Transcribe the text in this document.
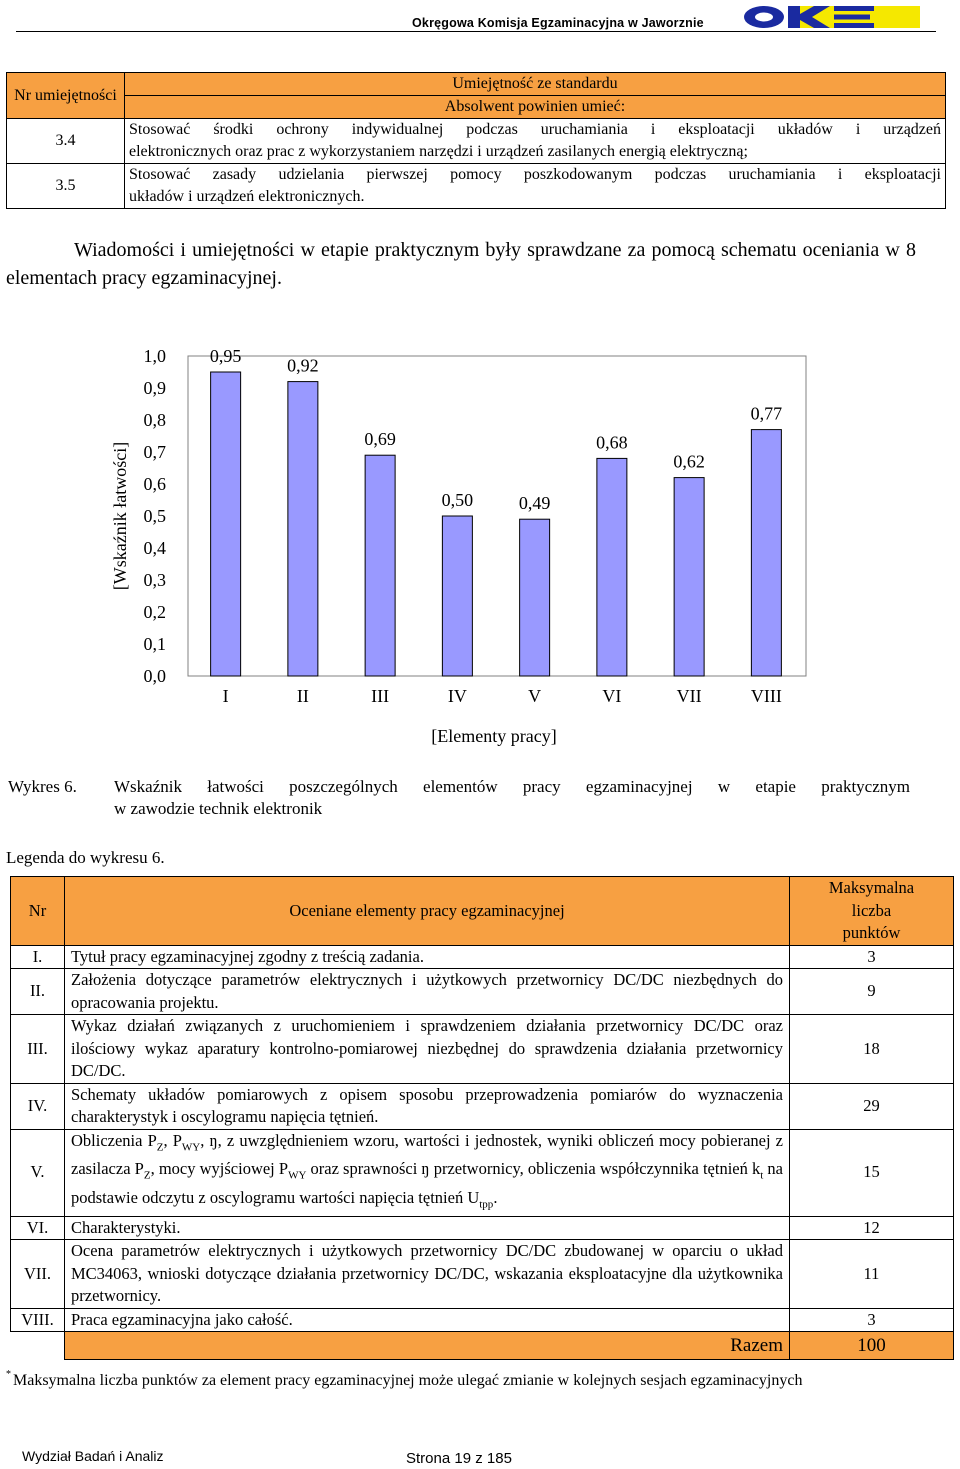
Okręgowa Komisja Egzaminacyjna w Jaworznie
Nr umiejętności	Umiejętność ze standardu
	Absolwent powinien umieć:
3.4	Stosować środki ochrony indywidualnej podczas uruchamiania i eksploatacji układów i urządzeń
elektronicznych oraz prac z wykorzystaniem narzędzi i urządzeń zasilanych energią elektryczną;

3.5	Stosować zasady udzielania pierwszej pomocy poszkodowanym podczas uruchamiania i eksploatacji
układów i urządzeń elektronicznych.

Wiadomości i umiejętności w etapie praktycznym były sprawdzane za pomocą schematu oceniania w 8 elementach pracy egzaminacyjnej.

0,0
0,1
0,2
0,3
0,4
0,5
0,6
0,7
0,8
0,9
1,0 0,95	0,92
0,69
0,50	0,49
0,68
0,62
0,77
I	II	III	IV	V	VI	VII	VIII
[Wskaźnik łatwości]
[Elementy pracy]
Wykres 6.	Wskaźnik łatwości poszczególnych elementów pracy egzaminacyjnej w etapie praktycznym
w zawodzie technik elektronik
Legenda do wykresu 6.
Nr	Oceniane elementy pracy egzaminacyjnej	Maksymalna
liczba
punktów

I.	Tytuł pracy egzaminacyjnej zgodny z treścią zadania.	3
II.	Założenia dotyczące parametrów elektrycznych i użytkowych przetwornicy DC/DC niezbędnych do opracowania projektu.	9
III.	Wykaz działań związanych z uruchomieniem i sprawdzeniem działania przetwornicy DC/DC oraz ilościowy wykaz aparatury kontrolno-pomiarowej niezbędnej do sprawdzenia działania przetwornicy DC/DC.	18
IV.	Schematy układów pomiarowych z opisem sposobu przeprowadzenia pomiarów do wyznaczenia charakterystyk i oscylogramu napięcia tętnień.	29
V.	Obliczenia $P_Z$, $P_{WY}$, ŋ, z uwzględnieniem wzoru, wartości i jednostek, wyniki obliczeń mocy pobieranej z zasilacza $P_Z$, mocy wyjściowej $P_{WY}$ oraz sprawności ŋ przetwornicy, obliczenia współczynnika tętnień $k_t$ na podstawie odczytu z oscylogramu wartości napięcia tętnień $U_{tpp}$.	15
VI.	Charakterystyki.	12
VII.	Ocena parametrów elektrycznych i użytkowych przetwornicy DC/DC zbudowanej w oparciu o układ MC34063, wnioski dotyczące działania przetwornicy DC/DC, wskazania eksploatacyjne dla użytkownika przetwornicy.	11
VIII.	Praca egzaminacyjna jako całość.	3
	Razem	100
* Maksymalna liczba punktów za element pracy egzaminacyjnej może ulegać zmianie w kolejnych sesjach egzaminacyjnych
Wydział Badań i Analiz	Strona 19 z 185
